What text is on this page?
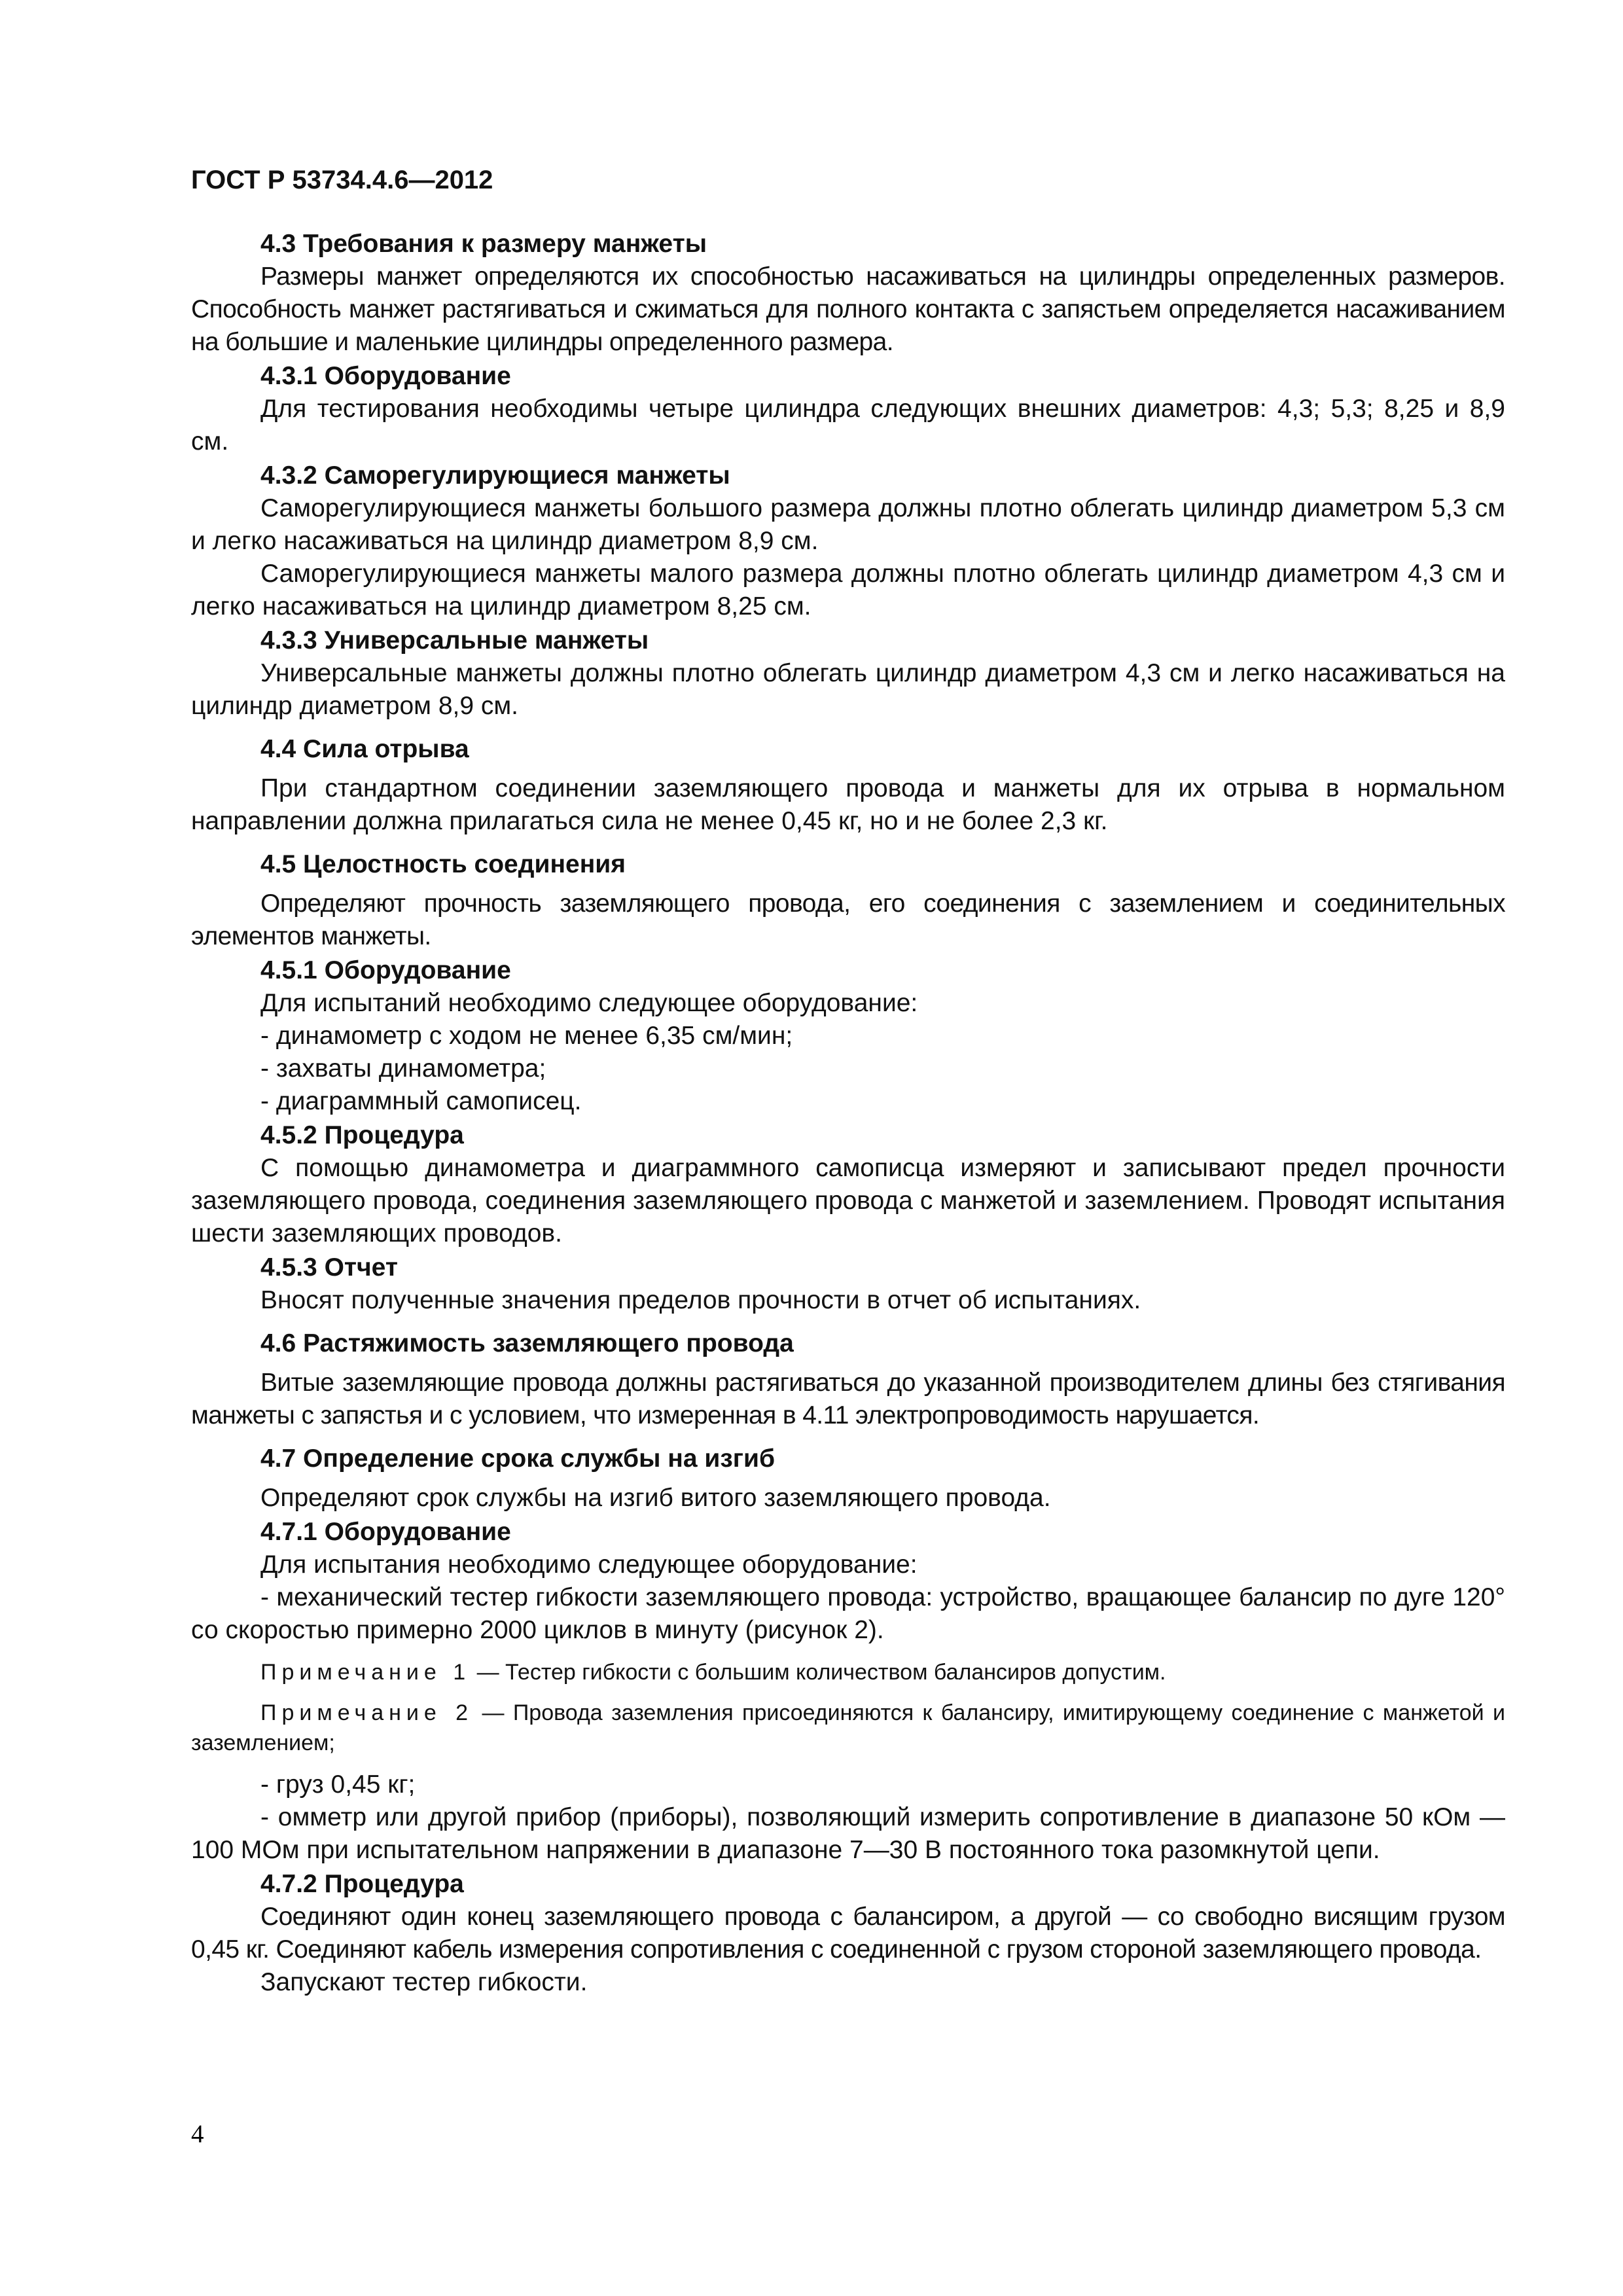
ГОСТ Р 53734.4.6—2012
4.3 Требования к размеру манжеты

Размеры манжет определяются их способностью насаживаться на цилиндры определенных размеров. Способность манжет растягиваться и сжиматься для полного контакта с запястьем определяется насаживанием на большие и маленькие цилиндры определенного размера.

4.3.1 Оборудование

Для тестирования необходимы четыре цилиндра следующих внешних диаметров: 4,3; 5,3; 8,25 и 8,9 см.

4.3.2 Саморегулирующиеся манжеты

Саморегулирующиеся манжеты большого размера должны плотно облегать цилиндр диаметром 5,3 см и легко насаживаться на цилиндр диаметром 8,9 см.

Саморегулирующиеся манжеты малого размера должны плотно облегать цилиндр диаметром 4,3 см и легко насаживаться на цилиндр диаметром 8,25 см.

4.3.3 Универсальные манжеты

Универсальные манжеты должны плотно облегать цилиндр диаметром 4,3 см и легко насаживаться на цилиндр диаметром 8,9 см.

4.4 Сила отрыва

При стандартном соединении заземляющего провода и манжеты для их отрыва в нормальном направлении должна прилагаться сила не менее 0,45 кг, но и не более 2,3 кг.

4.5 Целостность соединения

Определяют прочность заземляющего провода, его соединения с заземлением и соединительных элементов манжеты.

4.5.1 Оборудование

Для испытаний необходимо следующее оборудование:

- динамометр с ходом не менее 6,35 см/мин;

- захваты динамометра;

- диаграммный самописец.

4.5.2 Процедура

С помощью динамометра и диаграммного самописца измеряют и записывают предел прочности заземляющего провода, соединения заземляющего провода с манжетой и заземлением. Проводят испытания шести заземляющих проводов.

4.5.3 Отчет

Вносят полученные значения пределов прочности в отчет об испытаниях.

4.6 Растяжимость заземляющего провода

Витые заземляющие провода должны растягиваться до указанной производителем длины без стягивания манжеты с запястья и с условием, что измеренная в 4.11 электропроводимость нарушается.

4.7 Определение срока службы на изгиб

Определяют срок службы на изгиб витого заземляющего провода.

4.7.1 Оборудование

Для испытания необходимо следующее оборудование:

- механический тестер гибкости заземляющего провода: устройство, вращающее балансир по дуге 120° со скоростью примерно 2000 циклов в минуту (рисунок 2).

Примечание 1 — Тестер гибкости с большим количеством балансиров допустим.

Примечание 2 — Провода заземления присоединяются к балансиру, имитирующему соединение с манжетой и заземлением;

- груз 0,45 кг;

- омметр или другой прибор (приборы), позволяющий измерить сопротивление в диапазоне 50 кОм —100 МОм при испытательном напряжении в диапазоне 7—30 В постоянного тока разомкнутой цепи.

4.7.2 Процедура

Соединяют один конец заземляющего провода с балансиром, а другой — со свободно висящим грузом 0,45 кг. Соединяют кабель измерения сопротивления с соединенной с грузом стороной заземляющего провода.

Запускают тестер гибкости.

4
